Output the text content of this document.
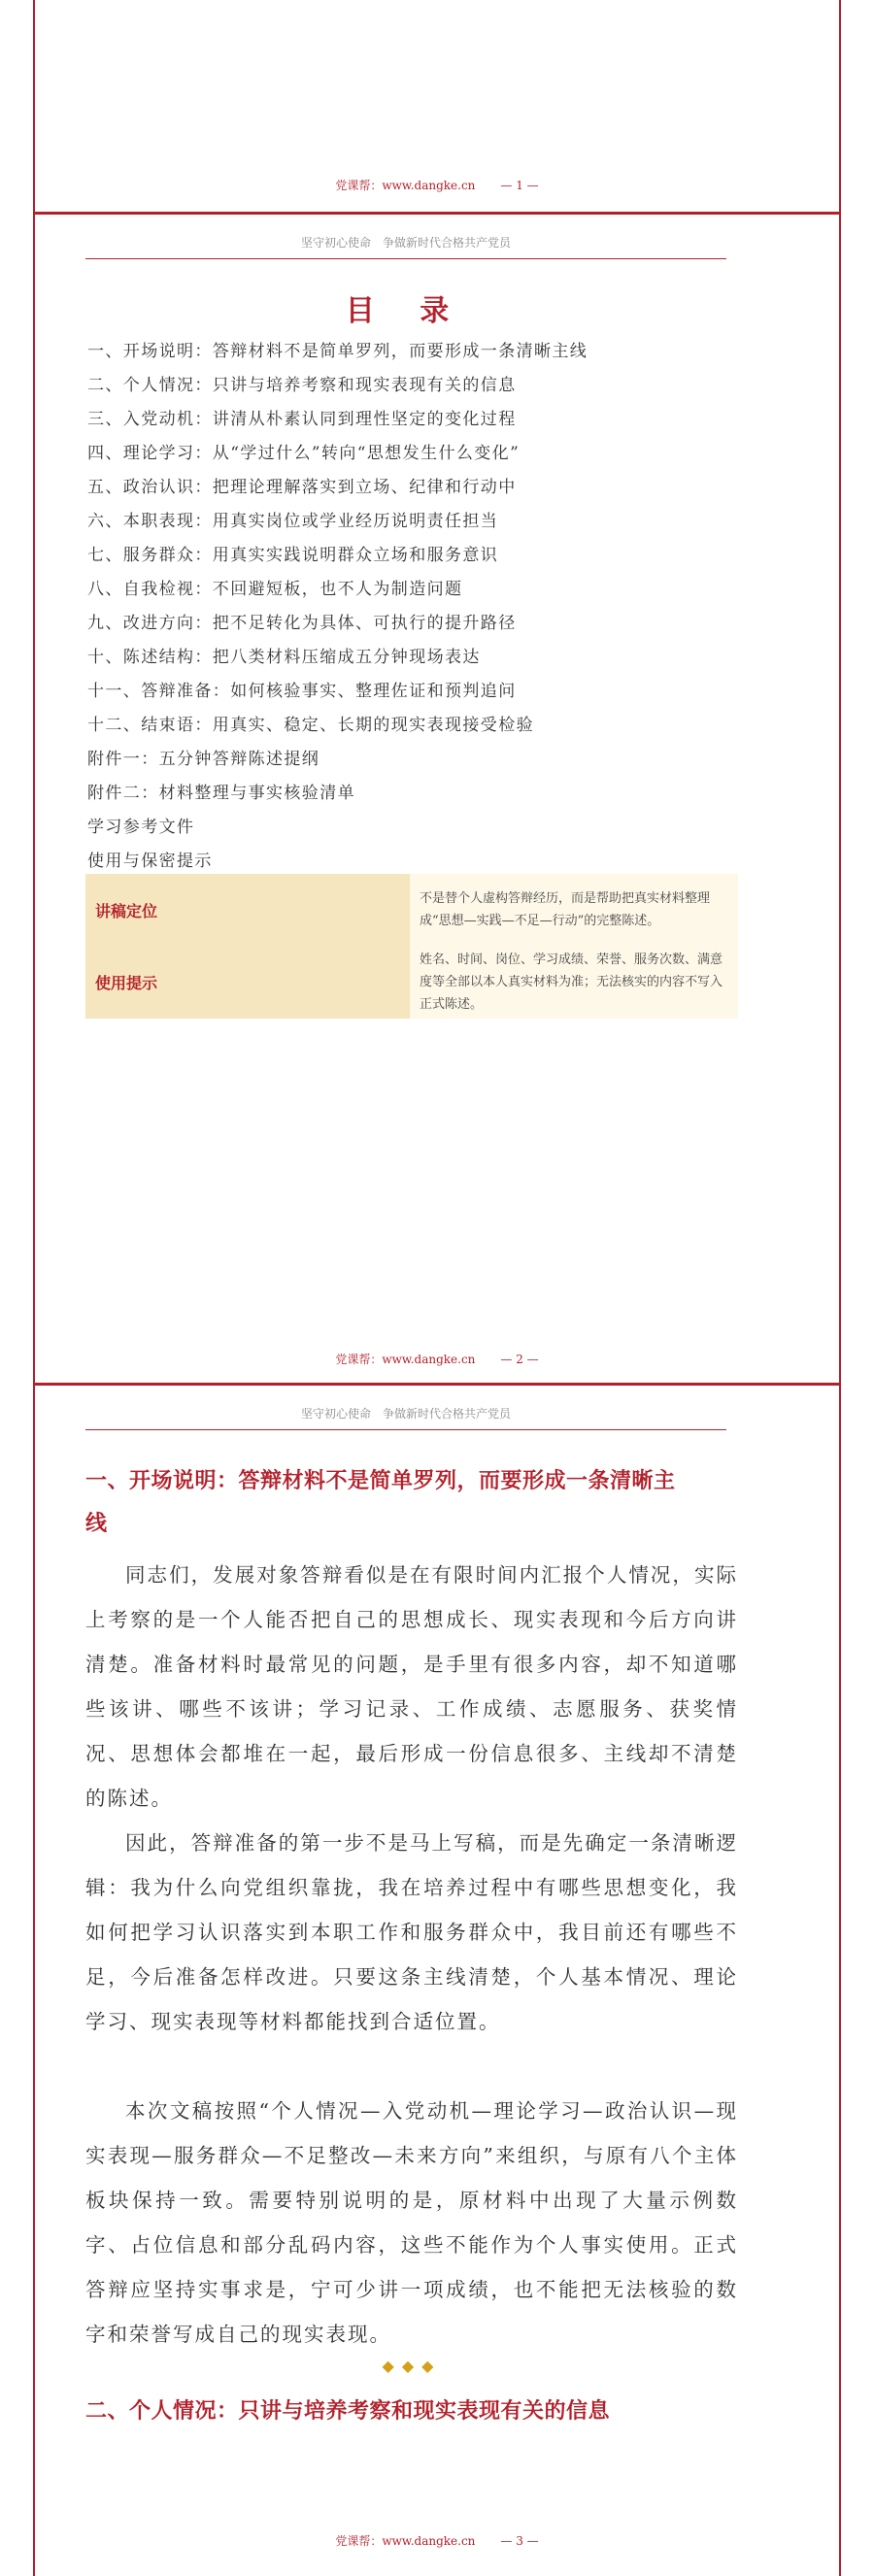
党课帮：www.dangke.cn — 1 —
坚守初心使命　争做新时代合格共产党员
目 录
一、开场说明：答辩材料不是简单罗列，而要形成一条清晰主线
二、个人情况：只讲与培养考察和现实表现有关的信息
三、入党动机：讲清从朴素认同到理性坚定的变化过程
四、理论学习：从“学过什么”转向“思想发生什么变化”
五、政治认识：把理论理解落实到立场、纪律和行动中
六、本职表现：用真实岗位或学业经历说明责任担当
七、服务群众：用真实实践说明群众立场和服务意识
八、自我检视：不回避短板，也不人为制造问题
九、改进方向：把不足转化为具体、可执行的提升路径
十、陈述结构：把八类材料压缩成五分钟现场表达
十一、答辩准备：如何核验事实、整理佐证和预判追问
十二、结束语：用真实、稳定、长期的现实表现接受检验
附件一：五分钟答辩陈述提纲
附件二：材料整理与事实核验清单
学习参考文件
使用与保密提示
讲稿定位	不是替个人虚构答辩经历，而是帮助把真实材料整理成“思想—实践—不足—行动”的完整陈述。
使用提示	姓名、时间、岗位、学习成绩、荣誉、服务次数、满意度等全部以本人真实材料为准；无法核实的内容不写入正式陈述。
党课帮：www.dangke.cn — 2 —
坚守初心使命　争做新时代合格共产党员
一、开场说明：答辩材料不是简单罗列，而要形成一条清晰主
线

同志们，发展对象答辩看似是在有限时间内汇报个人情况，实际上考察的是一个人能否把自己的思想成长、现实表现和今后方向讲清楚。准备材料时最常见的问题，是手里有很多内容，却不知道哪些该讲、哪些不该讲；学习记录、工作成绩、志愿服务、获奖情况、思想体会都堆在一起，最后形成一份信息很多、主线却不清楚的陈述。

因此，答辩准备的第一步不是马上写稿，而是先确定一条清晰逻辑：我为什么向党组织靠拢，我在培养过程中有哪些思想变化，我如何把学习认识落实到本职工作和服务群众中，我目前还有哪些不足，今后准备怎样改进。只要这条主线清楚，个人基本情况、理论学习、现实表现等材料都能找到合适位置。

本次文稿按照“个人情况—入党动机—理论学习—政治认识—现实表现—服务群众—不足整改—未来方向”来组织，与原有八个主体板块保持一致。需要特别说明的是，原材料中出现了大量示例数字、占位信息和部分乱码内容，这些不能作为个人事实使用。正式答辩应坚持实事求是，宁可少讲一项成绩，也不能把无法核验的数字和荣誉写成自己的现实表现。

◆◆◆
二、个人情况：只讲与培养考察和现实表现有关的信息
党课帮：www.dangke.cn — 3 —
